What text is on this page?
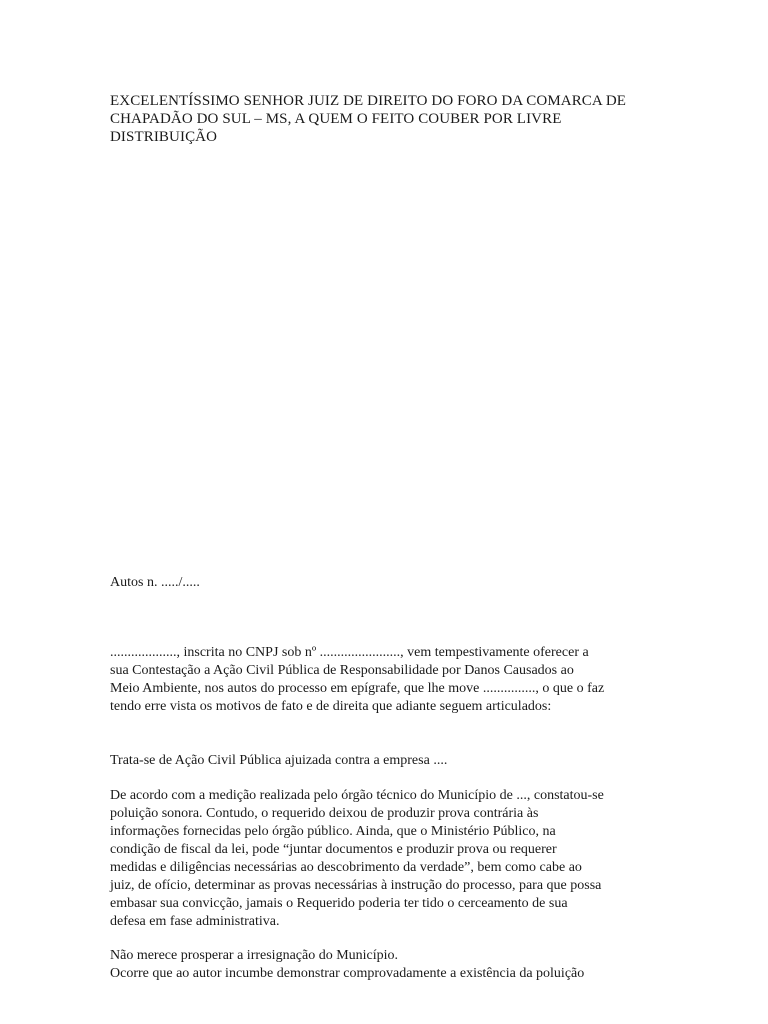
EXCELENTÍSSIMO SENHOR JUIZ DE DIREITO DO FORO DA COMARCA DE
CHAPADÃO DO SUL – MS, A QUEM O FEITO COUBER POR LIVRE
DISTRIBUIÇÃO
Autos n. ...../.....
..................., inscrita no CNPJ sob nº ......................., vem tempestivamente oferecer a
sua Contestação a Ação Civil Pública de Responsabilidade por Danos Causados ao
Meio Ambiente, nos autos do processo em epígrafe, que lhe move ..............., o que o faz
tendo erre vista os motivos de fato e de direita que adiante seguem articulados:
Trata-se de Ação Civil Pública ajuizada contra a empresa ....
De acordo com a medição realizada pelo órgão técnico do Município de ..., constatou-se
poluição sonora. Contudo, o requerido deixou de produzir prova contrária às
informações fornecidas pelo órgão público. Ainda, que o Ministério Público, na
condição de fiscal da lei, pode “juntar documentos e produzir prova ou requerer
medidas e diligências necessárias ao descobrimento da verdade”, bem como cabe ao
juiz, de ofício, determinar as provas necessárias à instrução do processo, para que possa
embasar sua convicção, jamais o Requerido poderia ter tido o cerceamento de sua
defesa em fase administrativa.
Não merece prosperar a irresignação do Município.
Ocorre que ao autor incumbe demonstrar comprovadamente a existência da poluição
